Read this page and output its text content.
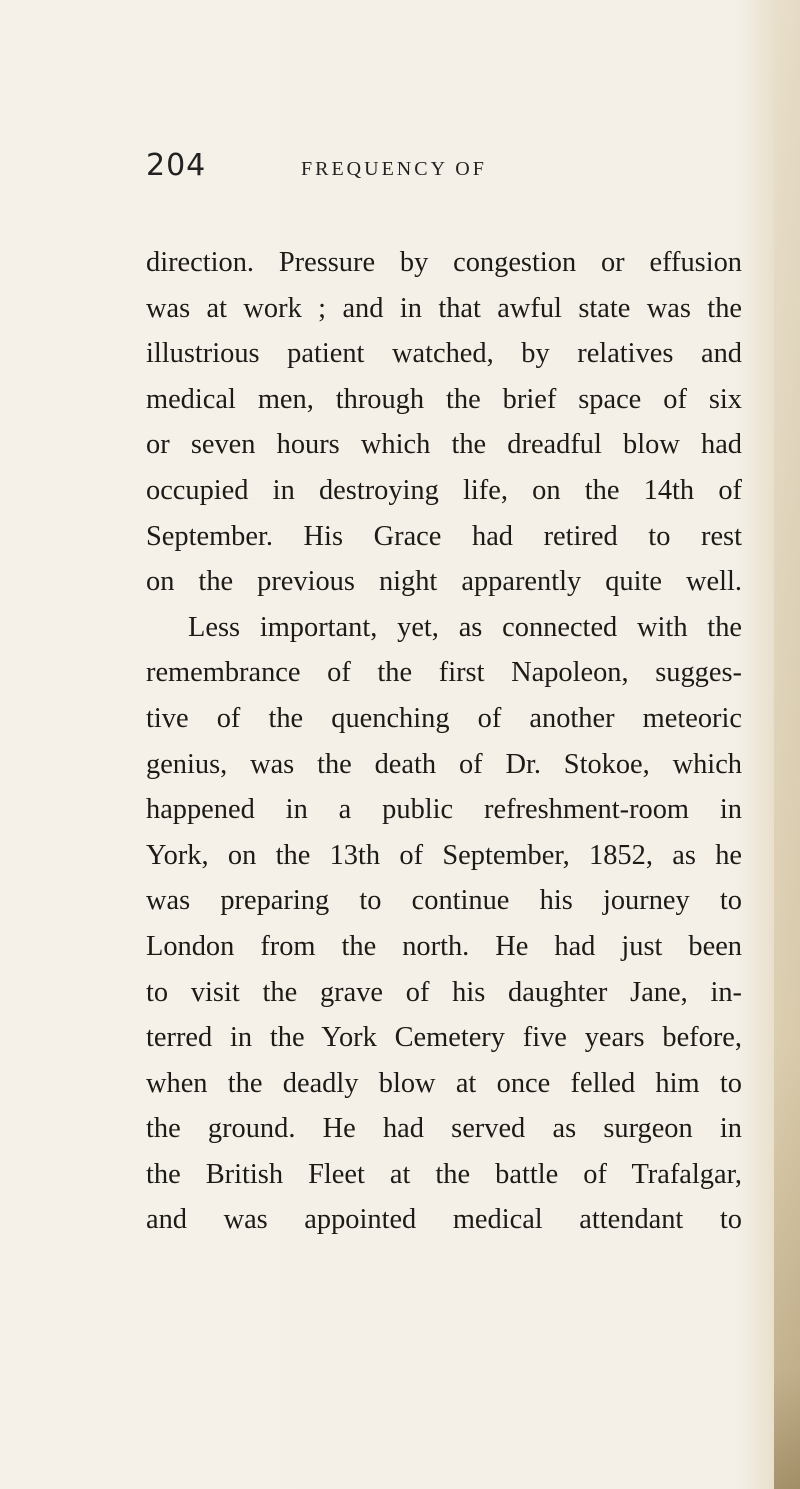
204	FREQUENCY OF
direction. Pressure by congestion or effusion
was at work ; and in that awful state was the
illustrious patient watched, by relatives and
medical men, through the brief space of six
or seven hours which the dreadful blow had
occupied in destroying life, on the 14th of
September. His Grace had retired to rest
on the previous night apparently quite well.
Less important, yet, as connected with the
remembrance of the first Napoleon, sugges-
tive of the quenching of another meteoric
genius, was the death of Dr. Stokoe, which
happened in a public refreshment-room in
York, on the 13th of September, 1852, as he
was preparing to continue his journey to
London from the north. He had just been
to visit the grave of his daughter Jane, in-
terred in the York Cemetery five years before,
when the deadly blow at once felled him to
the ground. He had served as surgeon in
the British Fleet at the battle of Trafalgar,
and was appointed medical attendant to
